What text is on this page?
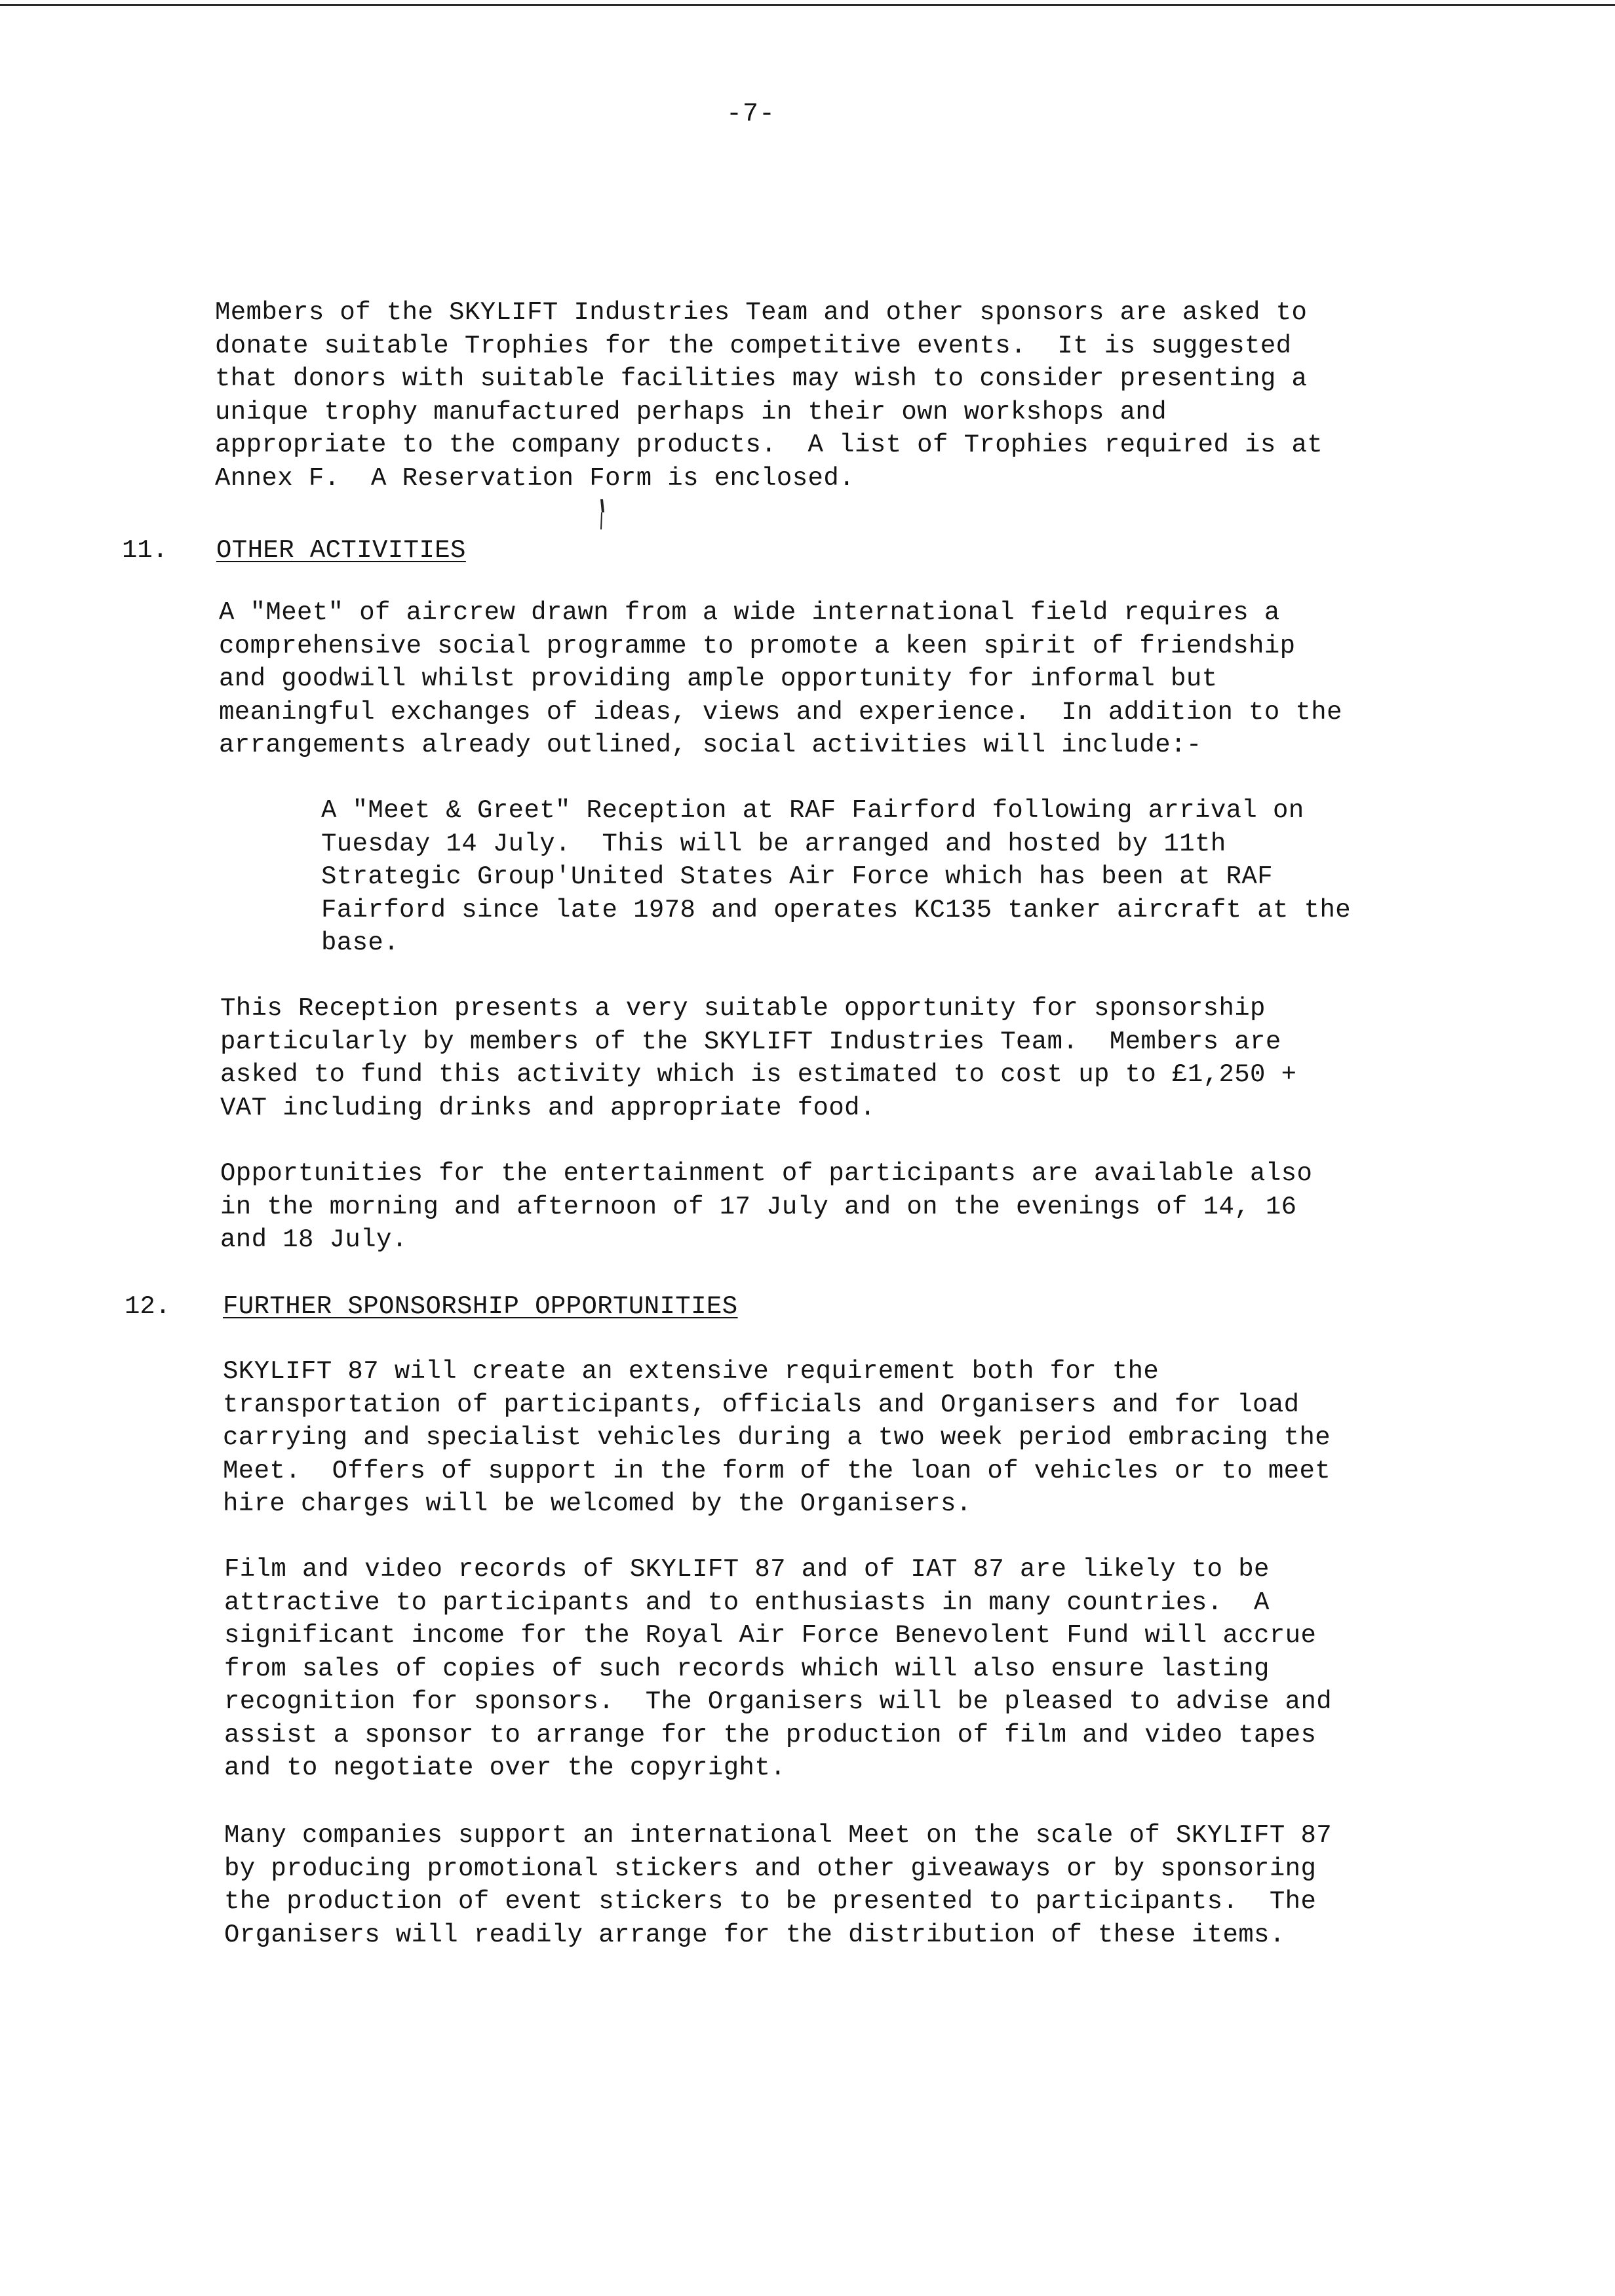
-7-

Members of the SKYLIFT Industries Team and other sponsors are asked to
donate suitable Trophies for the competitive events.  It is suggested
that donors with suitable facilities may wish to consider presenting a
unique trophy manufactured perhaps in their own workshops and
appropriate to the company products.  A list of Trophies required is at
Annex F.  A Reservation Form is enclosed.

11. OTHER ACTIVITIES

A "Meet" of aircrew drawn from a wide international field requires a
comprehensive social programme to promote a keen spirit of friendship
and goodwill whilst providing ample opportunity for informal but
meaningful exchanges of ideas, views and experience.  In addition to the
arrangements already outlined, social activities will include:-

A "Meet & Greet" Reception at RAF Fairford following arrival on
Tuesday 14 July.  This will be arranged and hosted by 11th
Strategic Group'United States Air Force which has been at RAF
Fairford since late 1978 and operates KC135 tanker aircraft at the
base.

This Reception presents a very suitable opportunity for sponsorship
particularly by members of the SKYLIFT Industries Team.  Members are
asked to fund this activity which is estimated to cost up to £1,250 +
VAT including drinks and appropriate food.

Opportunities for the entertainment of participants are available also
in the morning and afternoon of 17 July and on the evenings of 14, 16
and 18 July.

12. FURTHER SPONSORSHIP OPPORTUNITIES

SKYLIFT 87 will create an extensive requirement both for the
transportation of participants, officials and Organisers and for load
carrying and specialist vehicles during a two week period embracing the
Meet.  Offers of support in the form of the loan of vehicles or to meet
hire charges will be welcomed by the Organisers.

Film and video records of SKYLIFT 87 and of IAT 87 are likely to be
attractive to participants and to enthusiasts in many countries.  A
significant income for the Royal Air Force Benevolent Fund will accrue
from sales of copies of such records which will also ensure lasting
recognition for sponsors.  The Organisers will be pleased to advise and
assist a sponsor to arrange for the production of film and video tapes
and to negotiate over the copyright.

Many companies support an international Meet on the scale of SKYLIFT 87
by producing promotional stickers and other giveaways or by sponsoring
the production of event stickers to be presented to participants.  The
Organisers will readily arrange for the distribution of these items.
